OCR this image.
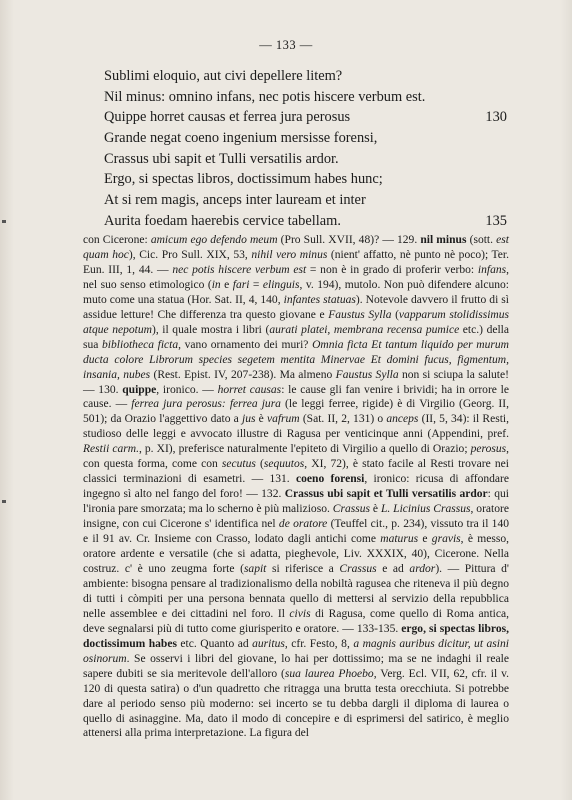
— 133 —
Sublimi eloquio, aut civi depellere litem?
Nil minus: omnino infans, nec potis hiscere verbum est.
Quippe horret causas et ferrea jura perosus	130
Grande negat coeno ingenium mersisse forensi,
Crassus ubi sapit et Tulli versatilis ardor.
Ergo, si spectas libros, doctissimum habes hunc;
At si rem magis, anceps inter lauream et inter
Aurita foedam haerebis cervice tabellam.	135
con Cicerone: amicum ego defendo meum (Pro Sull. XVII, 48)? — 129. nil minus (sott. est quam hoc), Cic. Pro Sull. XIX, 53, nihil vero minus (nient' affatto, nè punto nè poco); Ter. Eun. III, 1, 44. — nec potis hiscere verbum est = non è in grado di proferir verbo: infans, nel suo senso etimologico (in e fari = elinguis, v. 194), mutolo. Non può difendere alcuno: muto come una statua (Hor. Sat. II, 4, 140, infantes statuas). Notevole davvero il frutto di sì assidue letture! Che differenza tra questo giovane e Faustus Sylla (vapparum stolidissimus atque nepotum), il quale mostra i libri (aurati platei, membrana recensa pumice etc.) della sua bibliotheca ficta, vano ornamento dei muri? Omnia ficta Et tantum liquido per murum ducta colore Librorum species segetem mentita Minervae Et domini fucus, figmentum, insania, nubes (Rest. Epist. IV, 207-238). Ma almeno Faustus Sylla non si sciupa la salute! — 130. quippe, ironico. — horret causas: le cause gli fan venire i brividi; ha in orrore le cause. — ferrea jura perosus: ferrea jura (le leggi ferree, rigide) è di Virgilio (Georg. II, 501); da Orazio l'aggettivo dato a jus è vafrum (Sat. II, 2, 131) o anceps (II, 5, 34): il Resti, studioso delle leggi e avvocato illustre di Ragusa per venticinque anni (Appendini, pref. Restii carm., p. XI), preferisce naturalmente l'epiteto di Virgilio a quello di Orazio; perosus, con questa forma, come con secutus (sequutos, XI, 72), è stato facile al Resti trovare nei classici terminazioni di esametri. — 131. coeno forensi, ironico: ricusa di affondare ingegno sì alto nel fango del foro! — 132. Crassus ubi sapit et Tulli versatilis ardor: qui l'ironia pare smorzata; ma lo scherno è più malizioso. Crassus è L. Licinius Crassus, oratore insigne, con cui Cicerone s' identifica nel de oratore (Teuffel cit., p. 234), vissuto tra il 140 e il 91 av. Cr. Insieme con Crasso, lodato dagli antichi come maturus e gravis, è messo, oratore ardente e versatile (che si adatta, pieghevole, Liv. XXXIX, 40), Cicerone. Nella costruz. c' è uno zeugma forte (sapit si riferisce a Crassus e ad ardor). — Pittura d' ambiente: bisogna pensare al tradizionalismo della nobiltà ragusea che riteneva il più degno di tutti i còmpiti per una persona bennata quello di mettersi al servizio della repubblica nelle assemblee e dei cittadini nel foro. Il civis di Ragusa, come quello di Roma antica, deve segnalarsi più di tutto come giurisperito e oratore. — 133-135. ergo, si spectas libros, doctissimum habes etc. Quanto ad auritus, cfr. Festo, 8, a magnis auribus dicitur, ut asini osinorum. Se osservi i libri del giovane, lo hai per dottissimo; ma se ne indaghi il reale sapere dubiti se sia meritevole dell'alloro (sua laurea Phoebo, Verg. Ecl. VII, 62, cfr. il v. 120 di questa satira) o d'un quadretto che ritragga una brutta testa orecchiuta. Si potrebbe dare al periodo senso più moderno: sei incerto se tu debba dargli il diploma di laurea o quello di asinaggine. Ma, dato il modo di concepire e di esprimersi del satirico, è meglio attenersi alla prima interpretazione. La figura del
